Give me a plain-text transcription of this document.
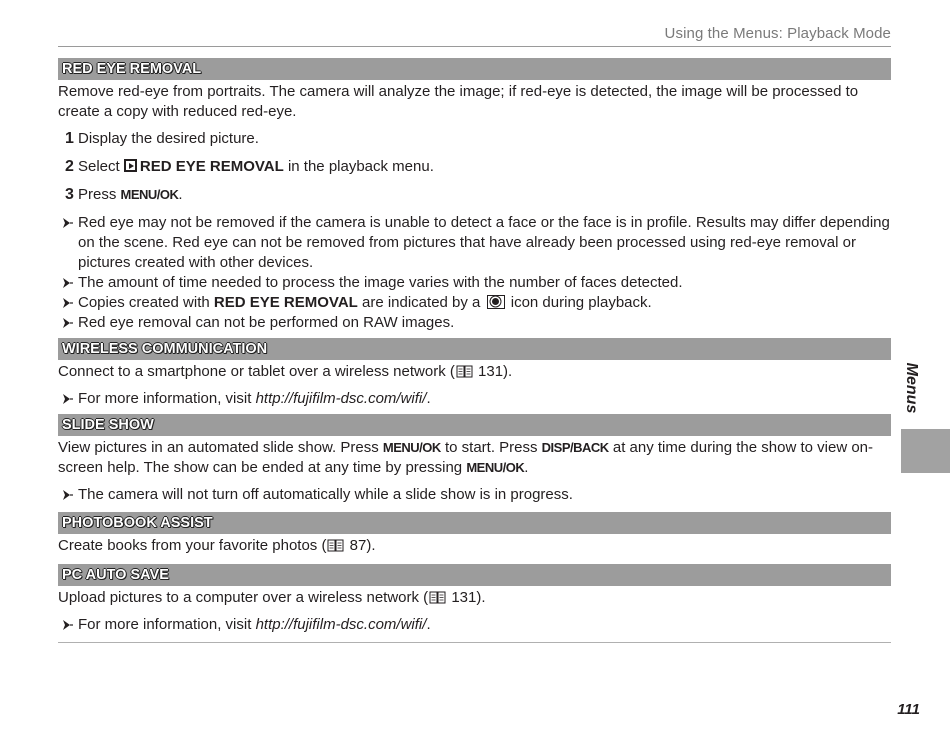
Using the Menus: Playback Mode
RED EYE REMOVAL

Remove red-eye from portraits. The camera will analyze the image; if red-eye is detected, the image will be processed to create a copy with reduced red-eye.

1 Display the desired picture.
2 Select RED EYE REMOVAL in the playback menu.
3 Press MENU/OK.
Red eye may not be removed if the camera is unable to detect a face or the face is in profile. Results may differ depending on the scene. Red eye can not be removed from pictures that have already been processed using red-eye removal or pictures created with other devices.
The amount of time needed to process the image varies with the number of faces detected.
Copies created with RED EYE REMOVAL are indicated by a icon during playback.
Red eye removal can not be performed on RAW images.
WIRELESS COMMUNICATION

Connect to a smartphone or tablet over a wireless network ( 131).

For more information, visit http://fujifilm-dsc.com/wifi/.
SLIDE SHOW

View pictures in an automated slide show. Press MENU/OK to start. Press DISP/BACK at any time during the show to view on-screen help. The show can be ended at any time by pressing MENU/OK.

The camera will not turn off automatically while a slide show is in progress.
PHOTOBOOK ASSIST

Create books from your favorite photos ( 87).

PC AUTO SAVE

Upload pictures to a computer over a wireless network ( 131).

For more information, visit http://fujifilm-dsc.com/wifi/.
Menus
111
